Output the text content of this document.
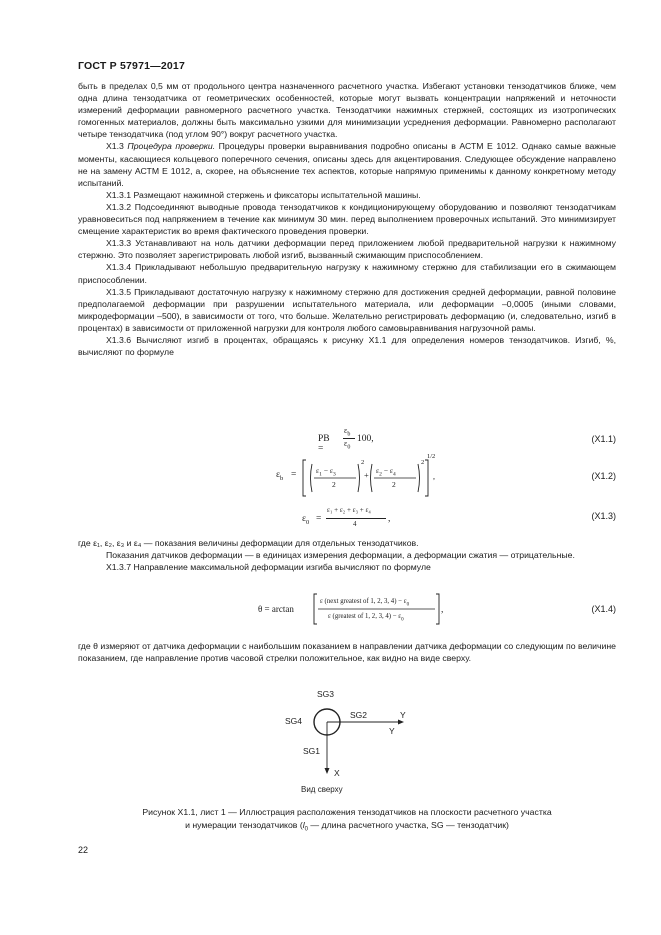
ГОСТ Р 57971—2017

быть в пределах 0,5 мм от продольного центра назначенного расчетного участка. Избегают установки тензодатчиков ближе, чем одна длина тензодатчика от геометрических особенностей, которые могут вызвать концентрации напряжений и неточности измерений деформации равномерного расчетного участка. Тензодатчики нажимных стержней, состоящих из изотропических гомогенных материалов, должны быть максимально узкими для минимизации усреднения деформации. Равномерно располагают четыре тензодатчика (под углом 90°) вокруг расчетного участка.

Х1.3 Процедура проверки. Процедуры проверки выравнивания подробно описаны в АСТМ Е 1012. Однако самые важные моменты, касающиеся кольцевого поперечного сечения, описаны здесь для акцентирования. Следующее обсуждение направлено не на замену АСТМ Е 1012, а, скорее, на объяснение тех аспектов, которые напрямую применимы к данному конкретному методу испытаний.

Х1.3.1 Размещают нажимной стержень и фиксаторы испытательной машины.

Х1.3.2 Подсоединяют выводные провода тензодатчиков к кондиционирующему оборудованию и позволяют тензодатчикам уравновеситься под напряжением в течение как минимум 30 мин. перед выполнением проверочных испытаний. Это минимизирует смещение характеристик во время фактического проведения проверки.

Х1.3.3 Устанавливают на ноль датчики деформации перед приложением любой предварительной нагрузки к нажимному стержню. Это позволяет зарегистрировать любой изгиб, вызванный сжимающим приспособлением.

Х1.3.4 Прикладывают небольшую предварительную нагрузку к нажимному стержню для стабилизации его в сжимающем приспособлении.

Х1.3.5 Прикладывают достаточную нагрузку к нажимному стержню для достижения средней деформации, равной половине предполагаемой деформации при разрушении испытательного материала, или деформации –0,0005 (иными словами, микродеформации –500), в зависимости от того, что больше. Желательно регистрировать деформацию (и, следовательно, изгиб в процентах) в зависимости от приложенной нагрузки для контроля любого самовыравнивания нагрузочной рамы.

Х1.3.6 Вычисляют изгиб в процентах, обращаясь к рисунку Х1.1 для определения номеров тензодатчиков. Изгиб, %, вычисляют по формуле

PB =
$\varepsilon_b$
$\varepsilon_0$
100,	(Х1.1)
$\varepsilon_b$ =	$\varepsilon_1 - \varepsilon_3$
2
2
+ $\varepsilon_2 - \varepsilon_4$
2
2
1/2
,	(Х1.2)
$\varepsilon_0$ =
ε₁ + ε₂ + ε₃ + ε₄
4	,	(Х1.3)

где ε₁, ε₂, ε₃ и ε₄ — показания величины деформации для отдельных тензодатчиков.

Показания датчиков деформации — в единицах измерения деформации, а деформации сжатия — отрицательные.

Х1.3.7 Направление максимальной деформации изгиба вычисляют по формуле

θ = arctan
ε (next greatest of 1, 2, 3, $4) - \varepsilon_0$
ε (greatest of 1, 2, 3, $4) - \varepsilon_0$
,	(Х1.4)
где θ измеряют от датчика деформации с наибольшим показанием в направлении датчика деформации со следующим по величине показанием, где направление против часовой стрелки положительное, как видно на виде сверху.
SG3
SG4
SG2
SG1
Y
Y
X
Вид сверху
Рисунок Х1.1, лист 1 — Иллюстрация расположения тензодатчиков на плоскости расчетного участка
и нумерации тензодатчиков ($l_0$ — длина расчетного участка, SG — тензодатчик)
22
